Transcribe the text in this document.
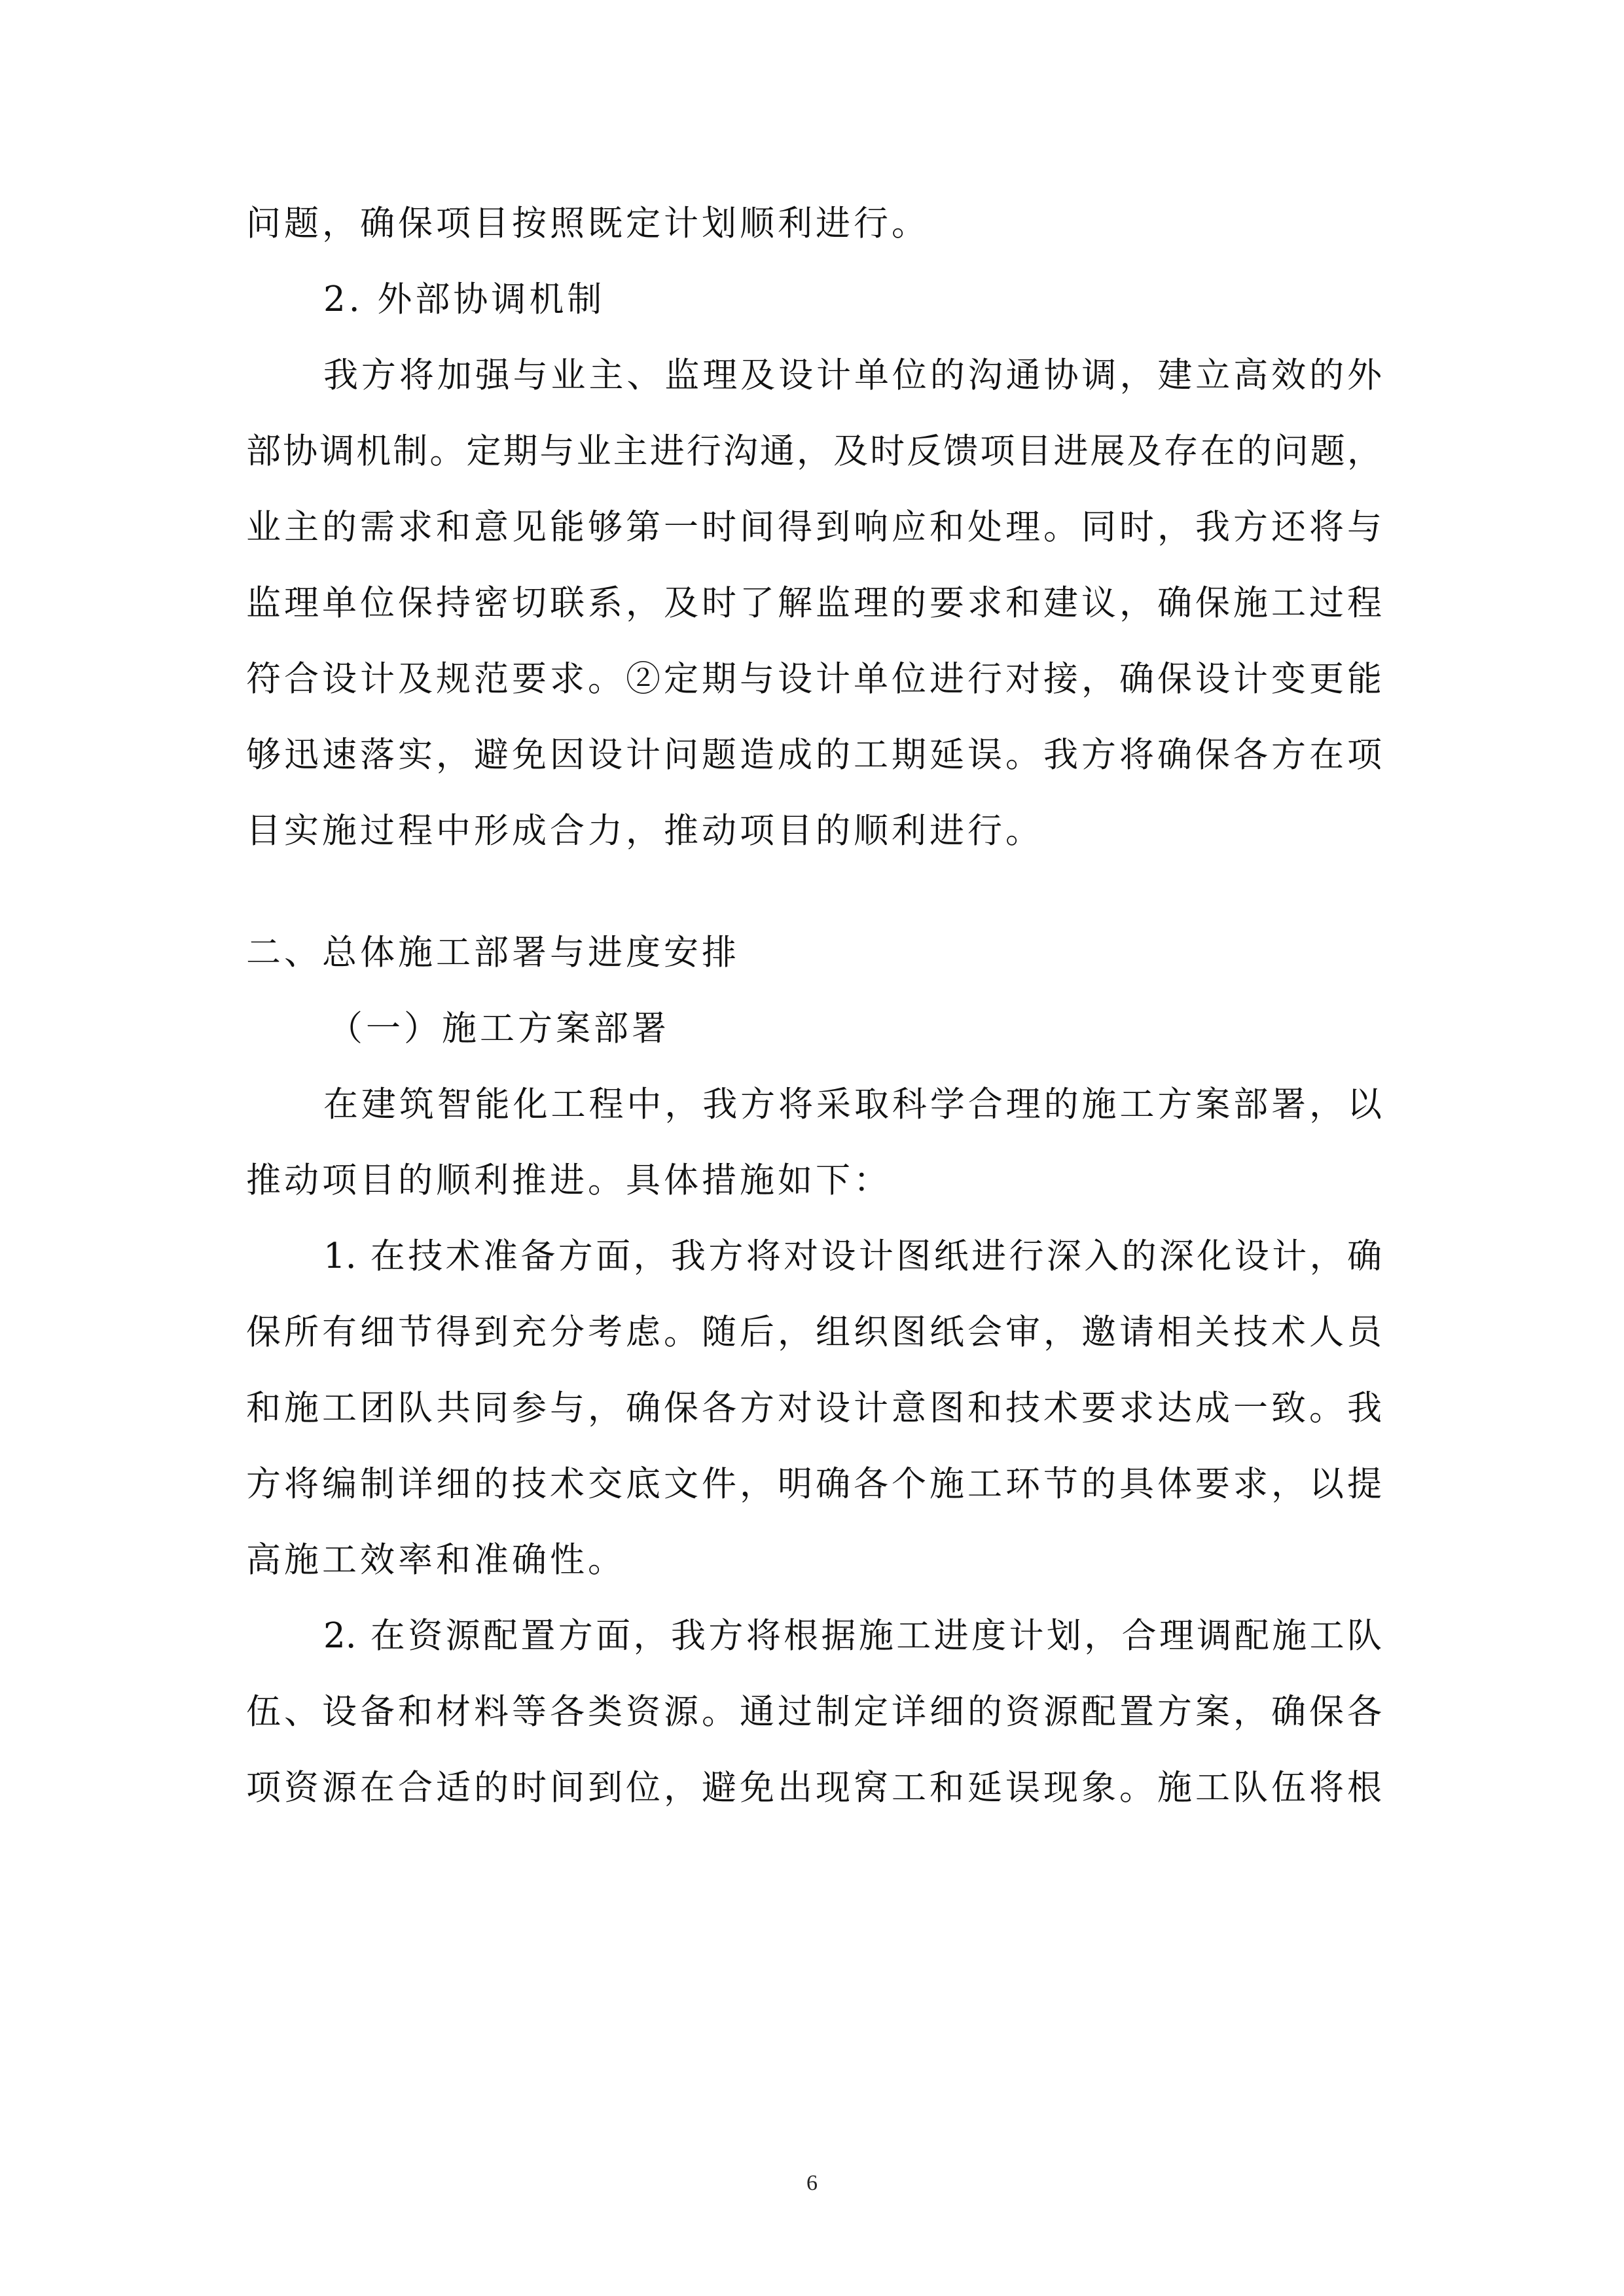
问题，确保项目按照既定计划顺利进行。
2. 外部协调机制
我方将加强与业主、监理及设计单位的沟通协调，建立高效的外
部协调机制。定期与业主进行沟通，及时反馈项目进展及存在的问题，
业主的需求和意见能够第一时间得到响应和处理。同时，我方还将与
监理单位保持密切联系，及时了解监理的要求和建议，确保施工过程
符合设计及规范要求。②定期与设计单位进行对接，确保设计变更能
够迅速落实，避免因设计问题造成的工期延误。我方将确保各方在项
目实施过程中形成合力，推动项目的顺利进行。
二、总体施工部署与进度安排
（一）施工方案部署
在建筑智能化工程中，我方将采取科学合理的施工方案部署，以
推动项目的顺利推进。具体措施如下：
1. 在技术准备方面，我方将对设计图纸进行深入的深化设计，确
保所有细节得到充分考虑。随后，组织图纸会审，邀请相关技术人员
和施工团队共同参与，确保各方对设计意图和技术要求达成一致。我
方将编制详细的技术交底文件，明确各个施工环节的具体要求，以提
高施工效率和准确性。
2. 在资源配置方面，我方将根据施工进度计划，合理调配施工队
伍、设备和材料等各类资源。通过制定详细的资源配置方案，确保各
项资源在合适的时间到位，避免出现窝工和延误现象。施工队伍将根
6
